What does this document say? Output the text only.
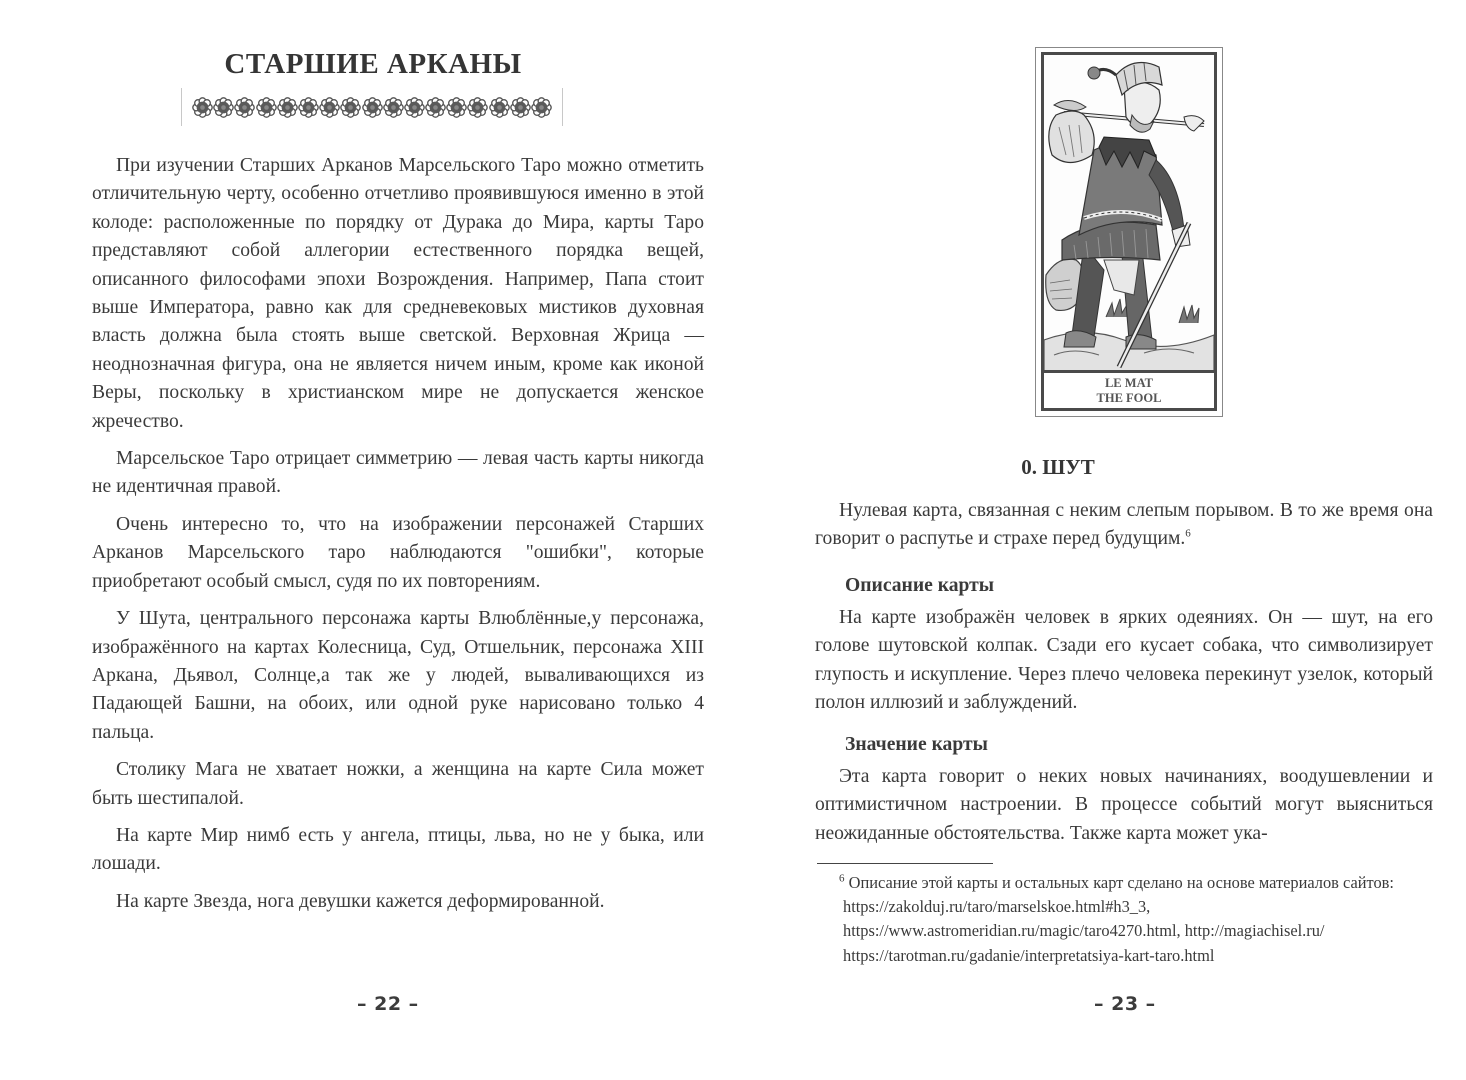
СТАРШИЕ АРКАНЫ

При изучении Старших Арканов Марсельского Таро можно отметить отличительную черту, особенно отчетливо проявившуюся именно в этой колоде: расположенные по порядку от Дурака до Мира, карты Таро представляют собой аллегории естественного порядка вещей, описанного философами эпохи Возрождения. Например, Папа стоит выше Императора, равно как для средневековых мистиков духовная власть должна была стоять выше светской. Верховная Жрица — неоднозначная фигура, она не является ничем иным, кроме как иконой Веры, поскольку в христианском мире не допускается женское жречество.

Марсельское Таро отрицает симметрию — левая часть карты никогда не идентичная правой.

Очень интересно то, что на изображении персонажей Старших Арканов Марсельского таро наблюдаются "ошибки", которые приобретают особый смысл, судя по их повторениям.

У Шута, центрального персонажа карты Влюблённые,у персонажа, изображённого на картах Колесница, Суд, Отшельник, персонажа XIII Аркана, Дьявол, Солнце,а так же у людей, вываливающихся из Падающей Башни, на обоих, или одной руке нарисовано только 4 пальца.

Столику Мага не хватает ножки, а женщина на карте Сила может быть шестипалой.

На карте Мир нимб есть у ангела, птицы, льва, но не у быка, или лошади.

На карте Звезда, нога девушки кажется деформированной.

– 22 –
LE MAT
THE FOOL
0. ШУТ

Нулевая карта, связанная с неким слепым порывом. В то же время она говорит о распутье и страхе перед будущим.$^6$

Описание карты

На карте изображён человек в ярких одеяниях. Он — шут, на его голове шутовской колпак. Сзади его кусает собака, что символизирует глупость и искупление. Через плечо человека перекинут узелок, который полон иллюзий и заблуждений.

Значение карты

Эта карта говорит о неких новых начинаниях, воодушевлении и оптимистичном настроении. В процессе событий могут выясниться неожиданные обстоятельства. Также карта может ука-

$^6$ Описание этой карты и остальных карт сделано на основе материалов сайтов:

https://zakolduj.ru/taro/marselskoe.html#h3_3,
https://www.astromeridian.ru/magic/taro4270.html, http://magiachisel.ru/
https://tarotman.ru/gadanie/interpretatsiya-kart-taro.html
– 23 –
